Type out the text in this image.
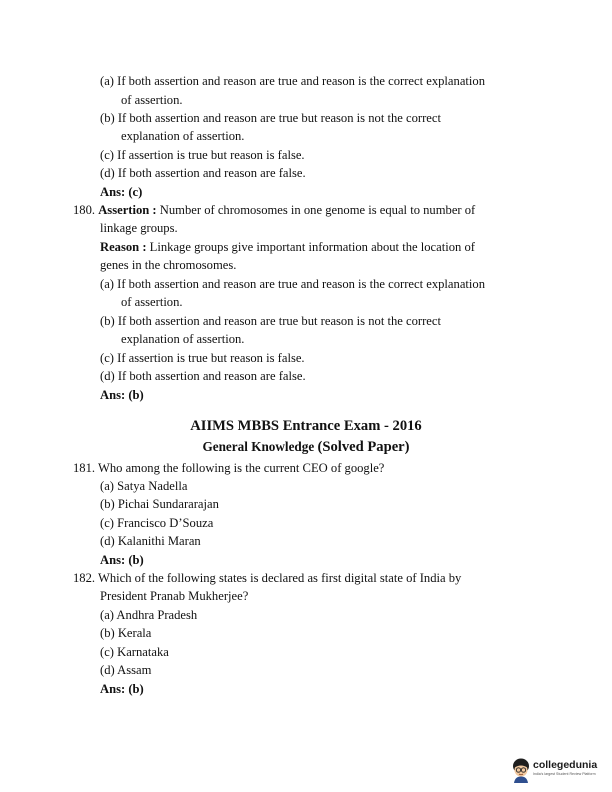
(a) If both assertion and reason are true and reason is the correct explanation
of assertion.
(b) If both assertion and reason are true but reason is not the correct
explanation of assertion.
(c) If assertion is true but reason is false.
(d) If both assertion and reason are false.
Ans: (c)
180. Assertion : Number of chromosomes in one genome is equal to number of
linkage groups.
Reason : Linkage groups give important information about the location of
genes in the chromosomes.
(a) If both assertion and reason are true and reason is the correct explanation
of assertion.
(b) If both assertion and reason are true but reason is not the correct
explanation of assertion.
(c) If assertion is true but reason is false.
(d) If both assertion and reason are false.
Ans: (b)
AIIMS MBBS Entrance Exam - 2016
General Knowledge (Solved Paper)
181. Who among the following is the current CEO of google?
(a) Satya Nadella
(b) Pichai Sundararajan
(c) Francisco D’Souza
(d) Kalanithi Maran
Ans: (b)
182. Which of the following states is declared as first digital state of India by
President Pranab Mukherjee?
(a) Andhra Pradesh
(b) Kerala
(c) Karnataka
(d) Assam
Ans: (b)
collegedunia
India's largest Student Review Platform
